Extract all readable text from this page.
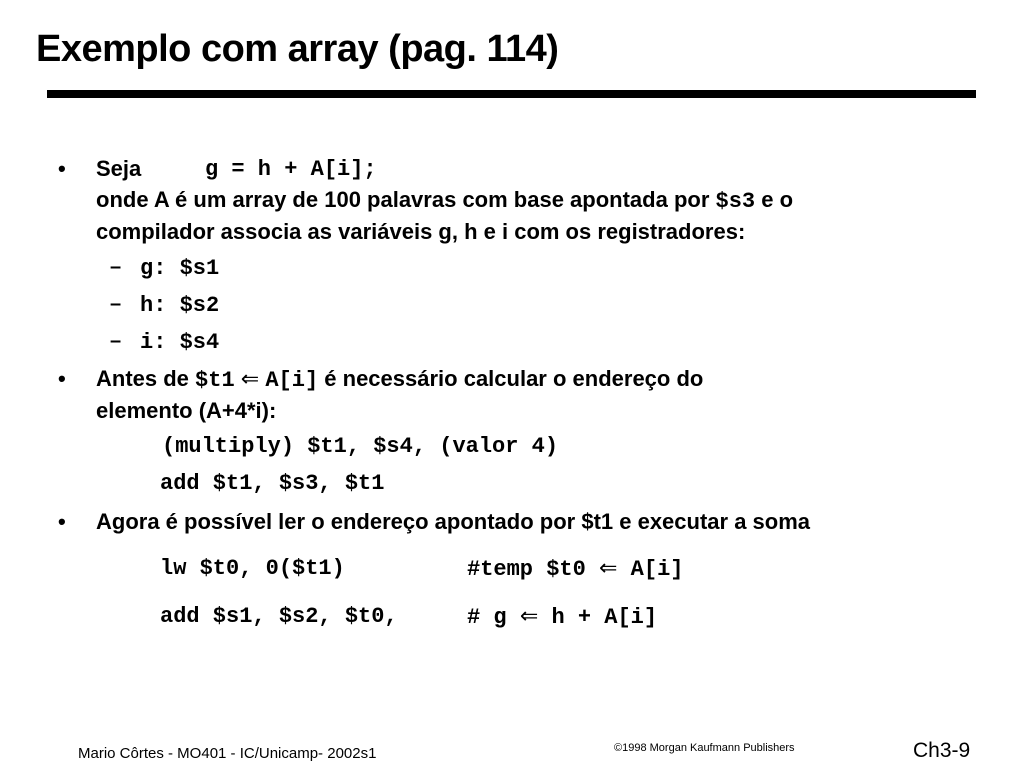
Exemplo com array (pag. 114)
• Seja	g = h + A[i];
onde A é um array de 100 palavras com base apontada por $s3 e o
compilador associa as variáveis g, h e i com os registradores:
– g: $s1
– h: $s2
– i: $s4
• Antes de $t1 ⇐ A[i] é necessário calcular o endereço do
elemento (A+4*i):
(multiply) $t1, $s4, (valor 4)
add $t1, $s3, $t1
• Agora é possível ler o endereço apontado por $t1 e executar a soma
lw $t0, 0($t1)	#temp $t0 ⇐ A[i]
add $s1, $s2, $t0,	# g ⇐ h + A[i]
Mario Côrtes - MO401 - IC/Unicamp- 2002s1	©1998 Morgan Kaufmann Publishers	Ch3-9
